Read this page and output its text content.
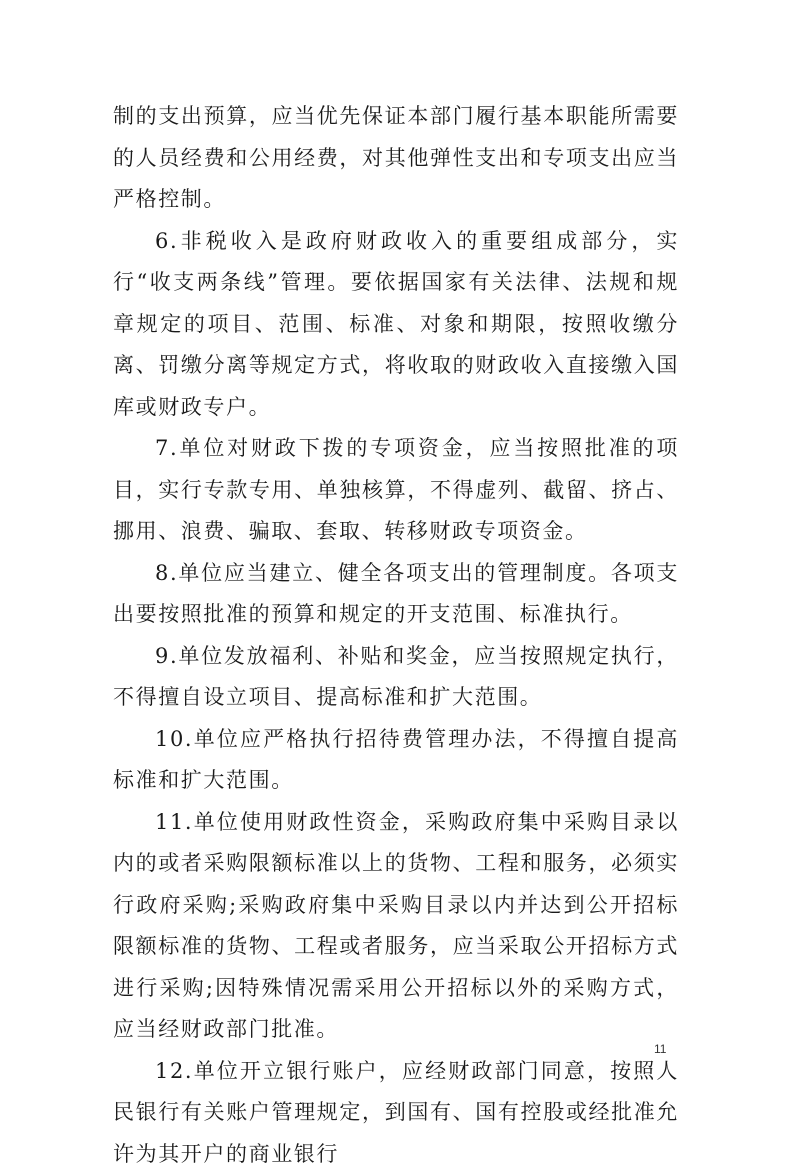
制的支出预算，应当优先保证本部门履行基本职能所需要的人员经费和公用经费，对其他弹性支出和专项支出应当严格控制。

6.非税收入是政府财政收入的重要组成部分，实行“收支两条线”管理。要依据国家有关法律、法规和规章规定的项目、范围、标准、对象和期限，按照收缴分离、罚缴分离等规定方式，将收取的财政收入直接缴入国库或财政专户。

7.单位对财政下拨的专项资金，应当按照批准的项目，实行专款专用、单独核算，不得虚列、截留、挤占、挪用、浪费、骗取、套取、转移财政专项资金。

8.单位应当建立、健全各项支出的管理制度。各项支出要按照批准的预算和规定的开支范围、标准执行。

9.单位发放福利、补贴和奖金，应当按照规定执行，不得擅自设立项目、提高标准和扩大范围。

10.单位应严格执行招待费管理办法，不得擅自提高标准和扩大范围。

11.单位使用财政性资金，采购政府集中采购目录以内的或者采购限额标准以上的货物、工程和服务，必须实行政府采购;采购政府集中采购目录以内并达到公开招标限额标准的货物、工程或者服务，应当采取公开招标方式进行采购;因特殊情况需采用公开招标以外的采购方式，应当经财政部门批准。

12.单位开立银行账户，应经财政部门同意，按照人民银行有关账户管理规定，到国有、国有控股或经批准允许为其开户的商业银行

11
